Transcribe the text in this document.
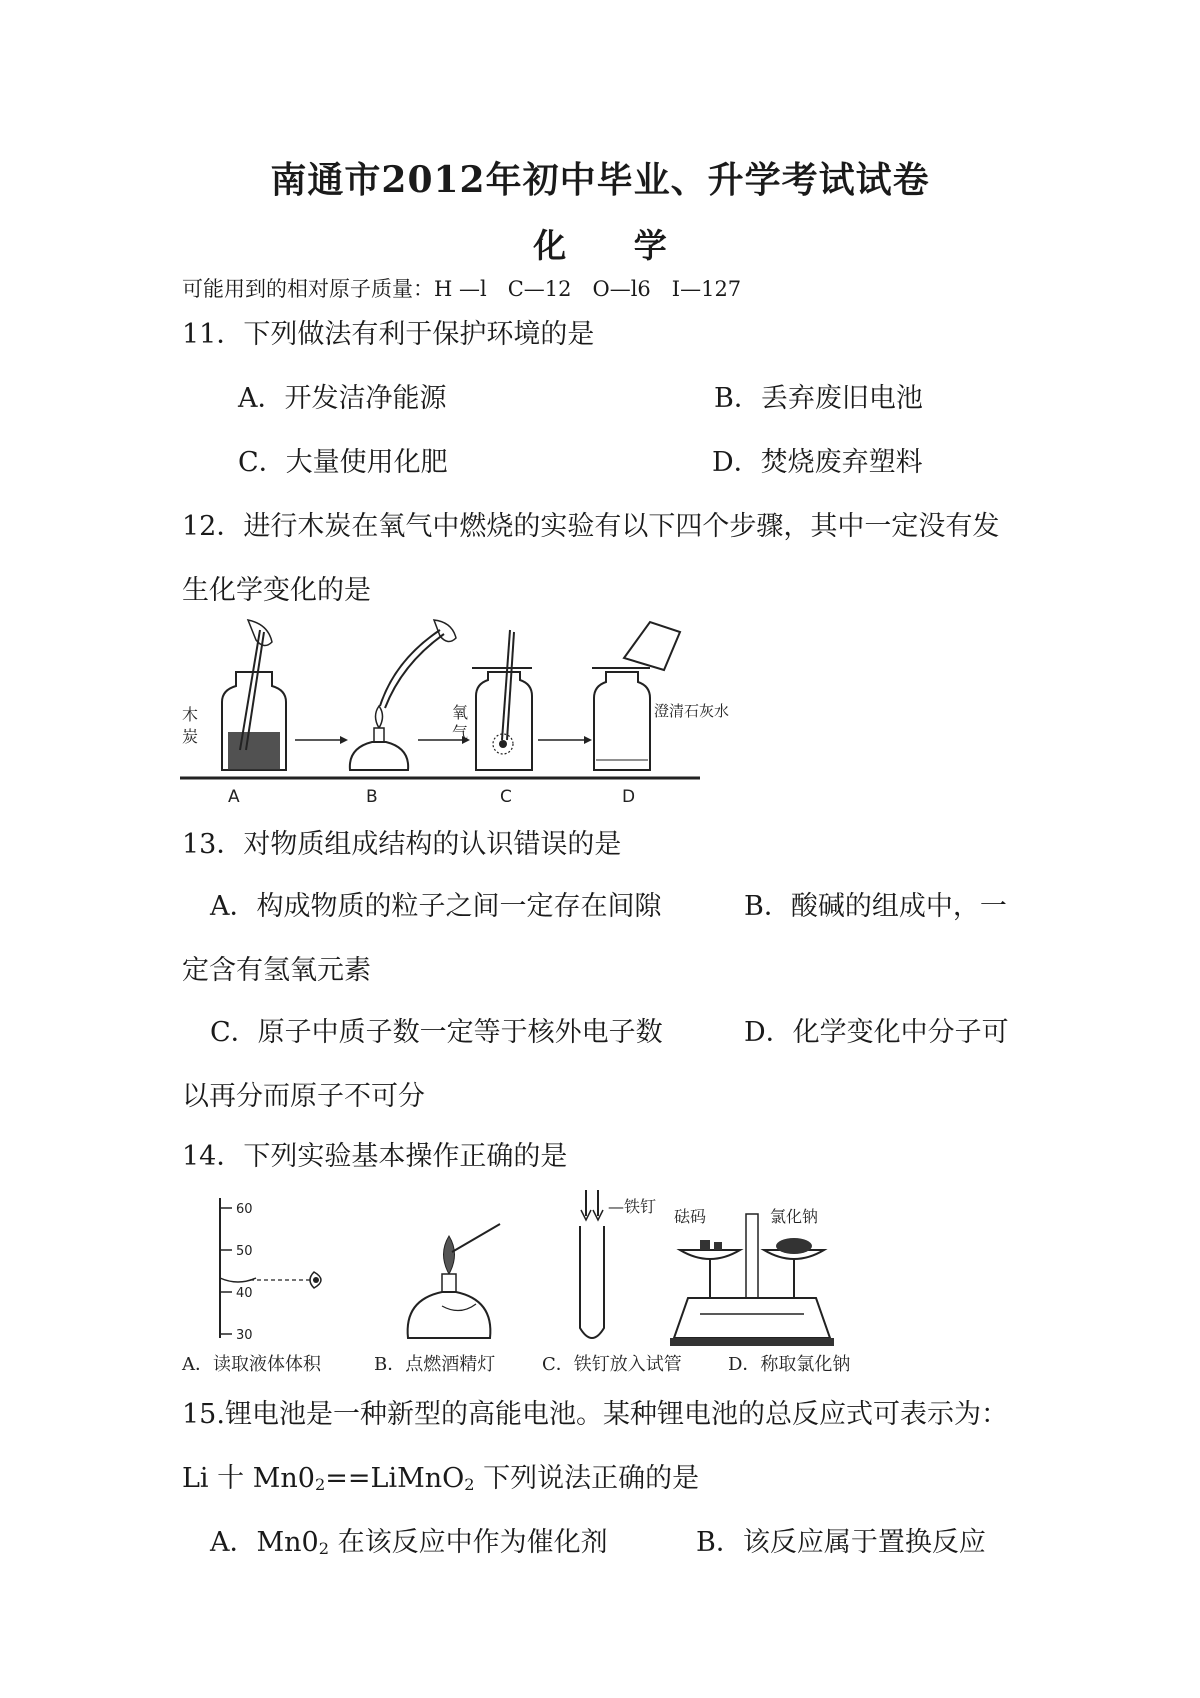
南通市2012年初中毕业、升学考试试卷
化 学
可能用到的相对原子质量：H —l　C—12　O—l6　I—127
11．下列做法有利于保护环境的是
A．开发洁净能源	B．丢弃废旧电池
C．大量使用化肥	D．焚烧废弃塑料
12．进行木炭在氧气中燃烧的实验有以下四个步骤，其中一定没有发
生化学变化的是
木
炭
氧
气
澄清石灰水
A	B	C	D
13．对物质组成结构的认识错误的是
A．构成物质的粒子之间一定存在间隙	B．酸碱的组成中，一
定含有氢氧元素
C．原子中质子数一定等于核外电子数	D．化学变化中分子可
以再分而原子不可分
14．下列实验基本操作正确的是
60
50
40
30
—铁钉
砝码	氯化钠
A．读取液体体积	B．点燃酒精灯	C．铁钉放入试管	D．称取氯化钠
15.锂电池是一种新型的高能电池。某种锂电池的总反应式可表示为：
Li 十 $Mn0_2==LiMnO_2$ 下列说法正确的是
A．$Mn0_2$ 在该反应中作为催化剂	B．该反应属于置换反应
